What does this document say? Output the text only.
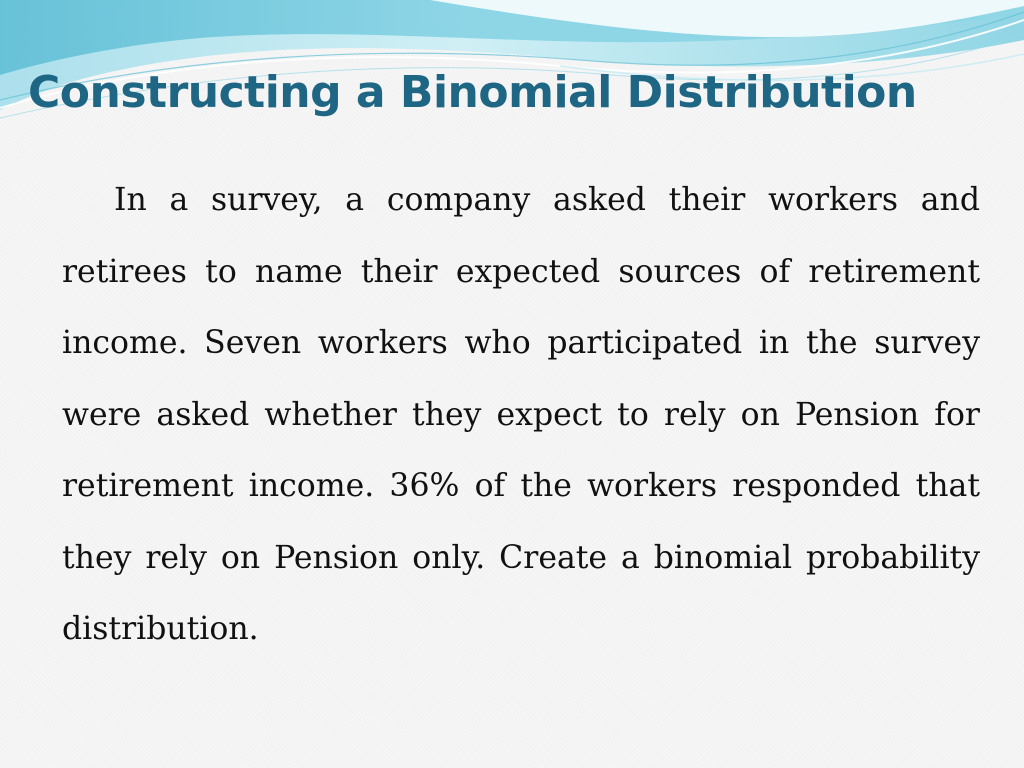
Constructing a Binomial Distribution

In a survey, a company asked their workers and retirees to name their expected sources of retirement income. Seven workers who participated in the survey were asked whether they expect to rely on Pension for retirement income. 36% of the workers responded that they rely on Pension only. Create a binomial probability distribution.
